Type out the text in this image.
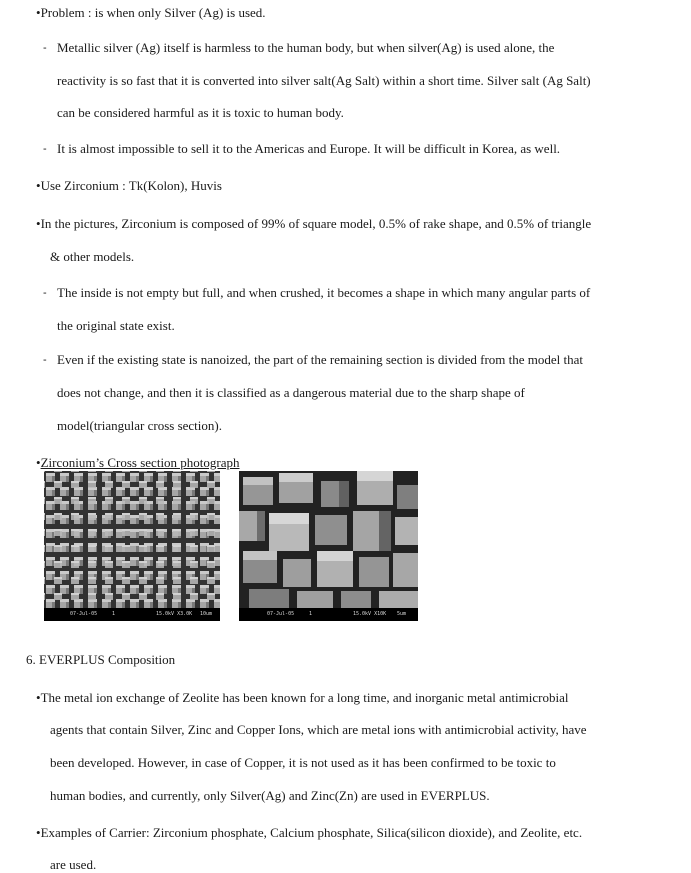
•Problem : is when only Silver (Ag) is used.
- Metallic silver (Ag) itself is harmless to the human body, but when silver(Ag) is used alone, the
reactivity is so fast that it is converted into silver salt(Ag Salt) within a short time. Silver salt (Ag Salt)
can be considered harmful as it is toxic to human body.
- It is almost impossible to sell it to the Americas and Europe. It will be difficult in Korea, as well.
•Use Zirconium : Tk(Kolon), Huvis
•In the pictures, Zirconium is composed of 99% of square model, 0.5% of rake shape, and 0.5% of triangle
& other models.
- The inside is not empty but full, and when crushed, it becomes a shape in which many angular parts of
the original state exist.
- Even if the existing state is nanoized, the part of the remaining section is divided from the model that
does not change, and then it is classified as a dangerous material due to the sharp shape of
model(triangular cross section).
•Zirconium’s Cross section photograph
07-Jul-05	1	15.0kV X3.0K 10um	07-Jul-05	1	15.0kV X10K 5um
6. EVERPLUS Composition
•The metal ion exchange of Zeolite has been known for a long time, and inorganic metal antimicrobial
agents that contain Silver, Zinc and Copper Ions, which are metal ions with antimicrobial activity, have
been developed. However, in case of Copper, it is not used as it has been confirmed to be toxic to
human bodies, and currently, only Silver(Ag) and Zinc(Zn) are used in EVERPLUS.
•Examples of Carrier: Zirconium phosphate, Calcium phosphate, Silica(silicon dioxide), and Zeolite, etc.
are used.
